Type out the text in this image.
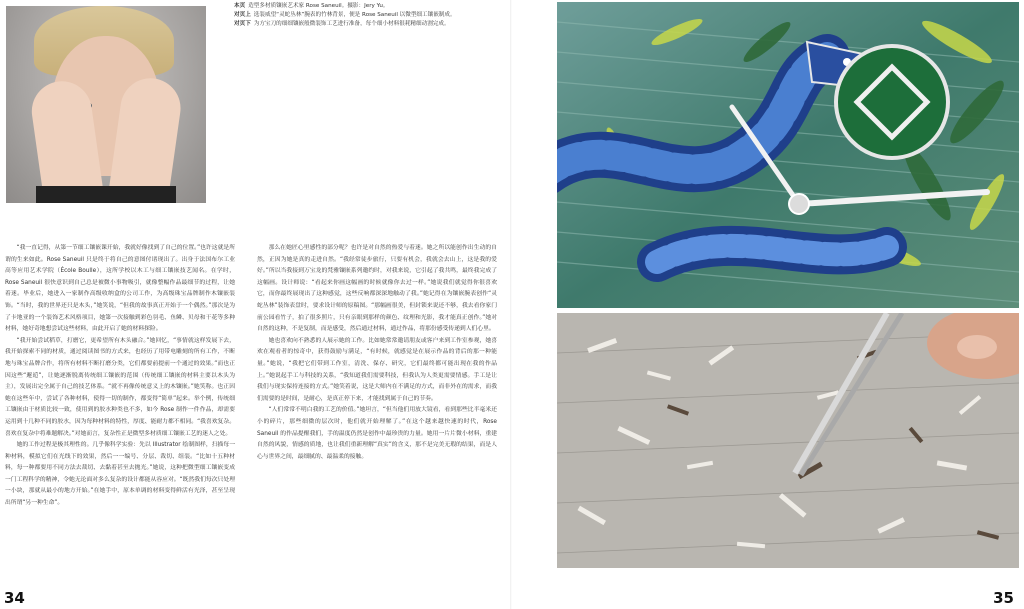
本页 造型多材质镶嵌艺术家 Rose Saneuil。摄影：Jery Yu。

对页上 选装威望“灵蛇丛林”腕表的竹林背景，便是 Rose Saneuil 以微型细工镶嵌制成。

对页下 为方宝刀的细细镶嵌般微装饰工艺进行准备，每个细小材料很耗精细动割完成。

“我一直记得，从第一节细工镶嵌课开始，我就好像找到了自己的位置。”也许这就是所谓的生来如此。Rose Saneuil 只是终于将自己的意图付诸现出了。出身于法国布尔工业高等应用艺术学院（École Boulle），这所学校以木工与细工镶嵌技艺闻名。在学时，Rose Saneuil 很快意识到自己总是被微小事物吸引，就像整幅作品最细节的过程，让她着迷。毕业后，她进入一家制作高级收纳盒的公司工作，为高级珠宝品牌制作木镶嵌装饰。“当时，我的世界还只是木头，”她笑说，“但我的故事真正开始于一个偶然。”那次是为了卡地亚的一个装饰艺术风格项目，她第一次接触到彩色羽毛、鱼鳞、贝母和干花等多种材料，她好奇地想尝试这些材料，由此开启了她的材料探险。

“我开始尝试稻草，打磨它，更希望所有木头融合。”她回忆，“事情就这样发展下去，我开始探索不同的材质，通过阅读图书的方式来，也经历了用带电雕刻的所有工作，不断地与珠宝品牌合作，将所有材料不断打磨分类，它们都要前提前一个通过的效果。”而也正因这些“邂逅”，让她逐渐脱离传统细工镶嵌的范围（传统细工镶嵌的材料主要以木头为主），发展出完全属于自己的技艺体系。“就不再像传统意义上的木镶嵌。”她笑称。也正因她在这些年中，尝试了各种材料，使得一切的制作，都变得“简单”起来。举个例，传统细工镶嵌由于材质比较一致，使用到的胶水种类也不多，如今 Rose 制作一件作品，却需要运用到十几种不同的胶水，因为每种材料的特性，厚度、能耐力都不相同。“我喜欢复杂。喜欢在复杂中将难题解决。”对她而言，复杂性正是微型多材质细工镶嵌工艺的迷人之处。

她的工作过程是极其理性的。几乎像科学实验：先以 Illustrator 绘制图样，扫描每一种材料，模拟它们在光线下的效果，然后一一编号、分层、裁切、组装。“比如十五种材料，每一种都要用不同方法去裁切、去黏着甚至去抛光。”她说，这种把微型细工镶嵌变成一门工程科学的精神，令她无论面对多么复杂的设计都能从容应对。“既然我们每次只处理一小块，那就从最小的地方开始。”在她手中，原本单调的材料变得鲜活有光泽，甚至呈现出所谓“另一种生命”。

那么在她匠心里感性的部分呢？也许是对自然的热爱与着迷。她之所以能创作出生动的自然，正因为她是真的走进自然。“我经常徒步旅行，只要有机会，我就会去山上，这是我的爱好。”所以当我接到万宝龙的梵雅镶嵌系列邀约时，对我来说，它引起了我共鸣，最终我完成了这幅画。设计师说：“看起来你画这幅画的时候就像你去过一样。”她说我们就觉得你很喜欢它，而你最终展现出了这种感觉，这些反响都深深地触动了我。”她记得在为镶嵌腕表创作“灵蛇丛林”装饰表盘时，要求设计师的原稿图。“那幅画很美，但封锁来说还不够，我去看你家门前公园看竹子，拍了很多照片，只有亲眼到那样的颜色、纹理和光影，我才能真正创作。”她对自然的这种，不是复制，而是感受，然后通过材料，通过作品，将那份感受传递到人们心里。

她也喜欢向不熟悉的人展示她的工作。比如她常常邀请朋友或客户来到工作室参观，她喜欢在观看者的惊奇中，获得鼓励与满足，“有时候，就感觉是在展示作品的背后的那一种能量。”她说，“我把它们带到工作室，清洗、保存、研究，它们最终都可能出现在我的作品上。”她说起手工与科技的关系，“我知道我们需要科技，但我认为人类更需要情感。手工是让我们与现实保持连接的方式。”她笑着说，这是大师内在不满足的方式，而非外在的需求，而我们需要的是时间，是耐心，是真正停下来，才能找到属于自己的节奏。

“人们常常不明白我的工艺的价值。”她坦言，“但当他们用放大镜看，看到那些比半毫米还小的碎片，那些细微的层次时，他们就开始理解了。”在这个越来越快速的时代，Rose Saneuil 的作品提醒我们，手的温度仍然是创作中最珍贵的力量。她用一片片微小材料，重建自然的风貌，情感的质地，也让我们重新理解“真实”的含义，那不是完美无瑕的结果，而是人心与世界之间，最细腻的、最温柔的接触。

34	35
